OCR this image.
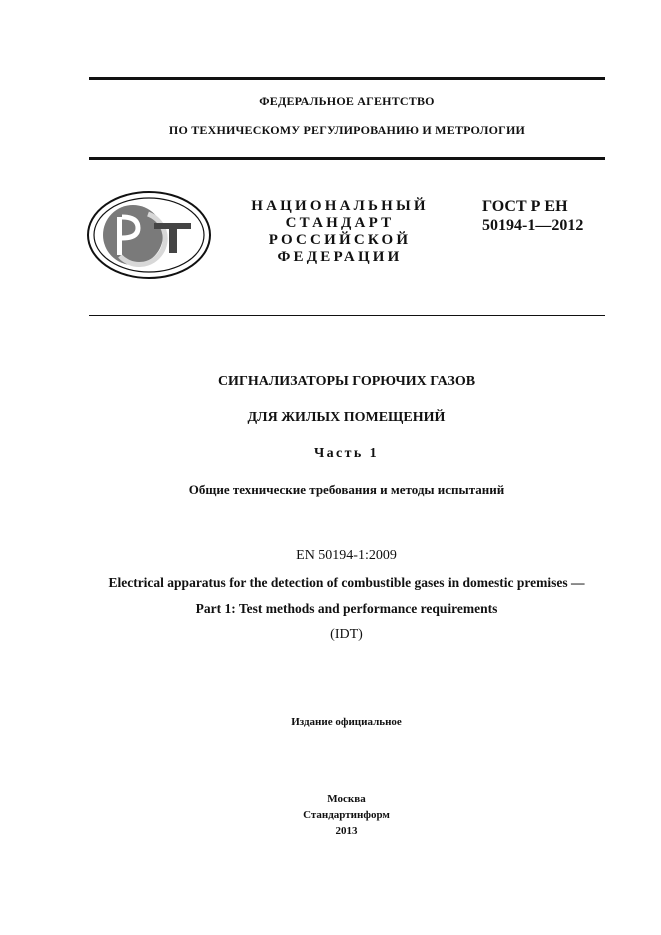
ФЕДЕРАЛЬНОЕ АГЕНТСТВО
ПО ТЕХНИЧЕСКОМУ РЕГУЛИРОВАНИЮ И МЕТРОЛОГИИ
НАЦИОНАЛЬНЫЙ
СТАНДАРТ
РОССИЙСКОЙ
ФЕДЕРАЦИИ
ГОСТ Р ЕН
50194-1—2012
СИГНАЛИЗАТОРЫ ГОРЮЧИХ ГАЗОВ
ДЛЯ ЖИЛЫХ ПОМЕЩЕНИЙ
Часть 1
Общие технические требования и методы испытаний
EN 50194-1:2009
Electrical apparatus for the detection of combustible gases in domestic premises —
Part 1: Test methods and performance requirements
(IDT)
Издание официальное
Москва
Стандартинформ
2013
